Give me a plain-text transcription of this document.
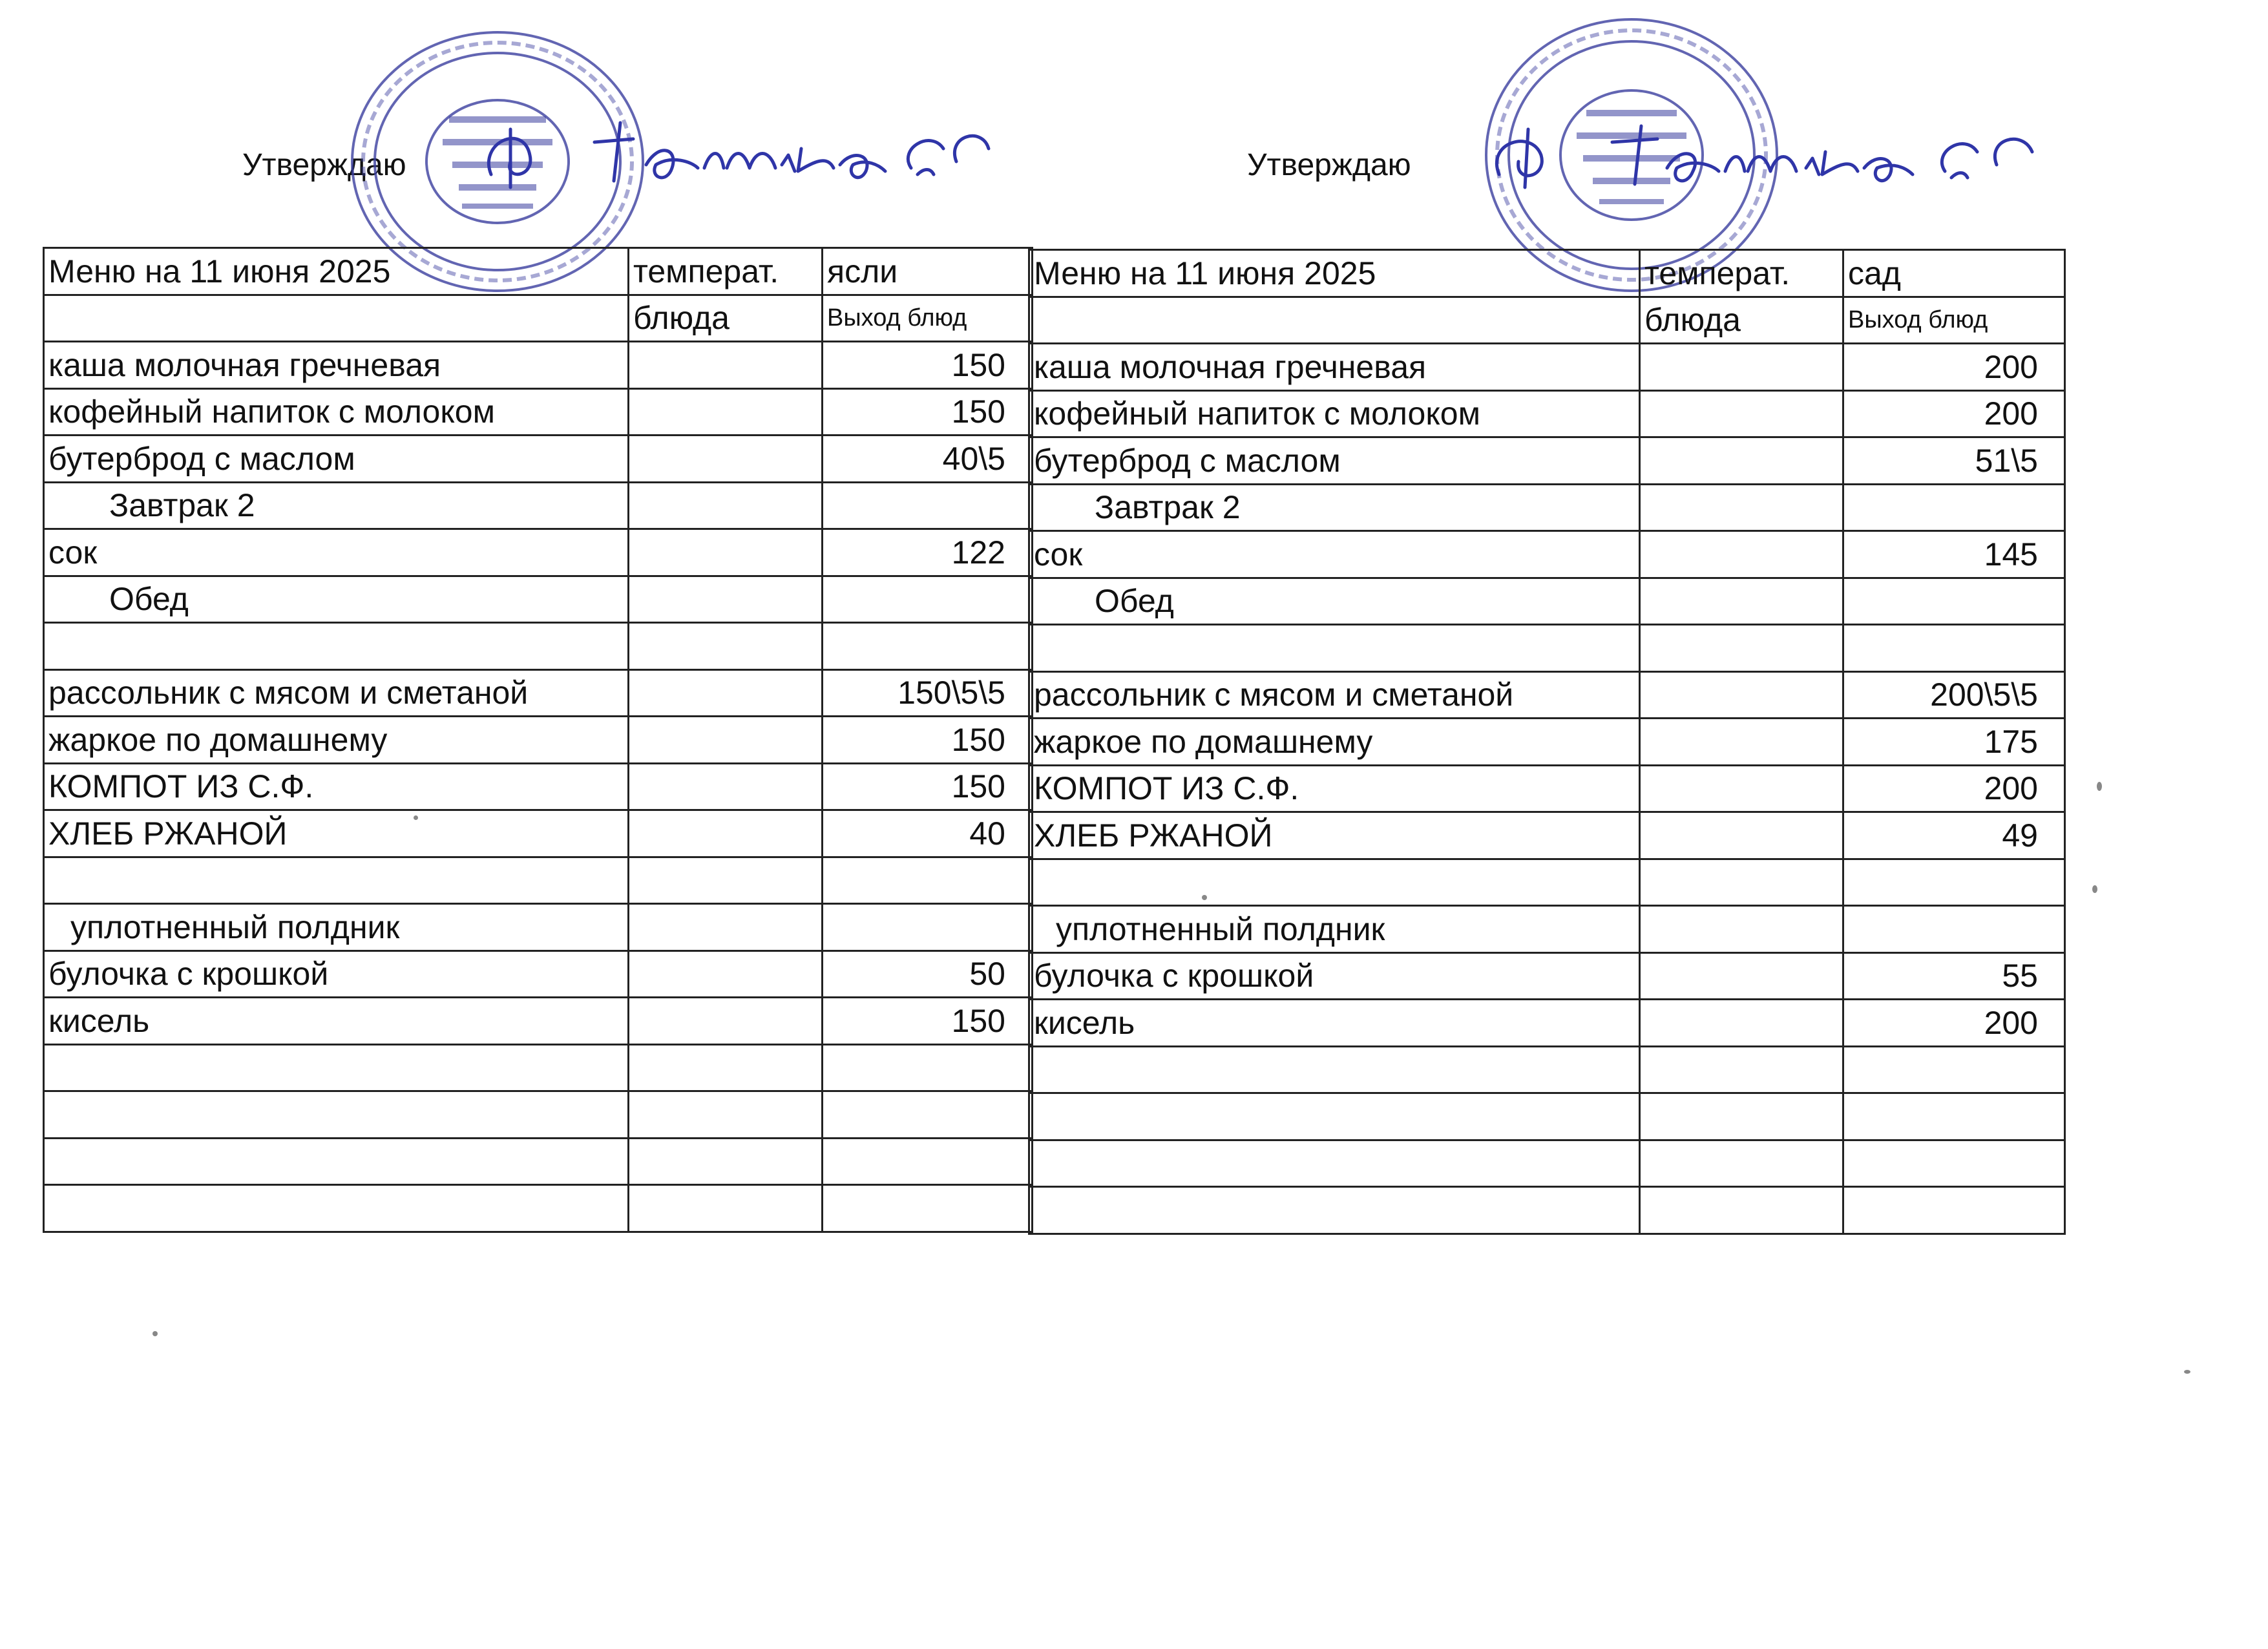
Утверждаю	Утверждаю
Меню на 11 июня 2025	температ.	ясли
	блюда	Выход блюд
каша молочная гречневая		150
кофейный напиток с молоком		150
бутерброд с маслом		40\5
Завтрак 2		
сок		122
Обед		

рассольник с мясом и сметаной		150\5\5
жаркое по домашнему		150
КОМПОТ ИЗ С.Ф.		150
ХЛЕБ РЖАНОЙ		40

уплотненный полдник		
булочка с крошкой		50
кисель		150

Меню на 11 июня 2025	температ.	сад
	блюда	Выход блюд
каша молочная гречневая		200
кофейный напиток с молоком		200
бутерброд с маслом		51\5
Завтрак 2		
сок		145
Обед		

рассольник с мясом и сметаной		200\5\5
жаркое по домашнему		175
КОМПОТ ИЗ С.Ф.		200
ХЛЕБ РЖАНОЙ		49

уплотненный полдник		
булочка с крошкой		55
кисель		200
